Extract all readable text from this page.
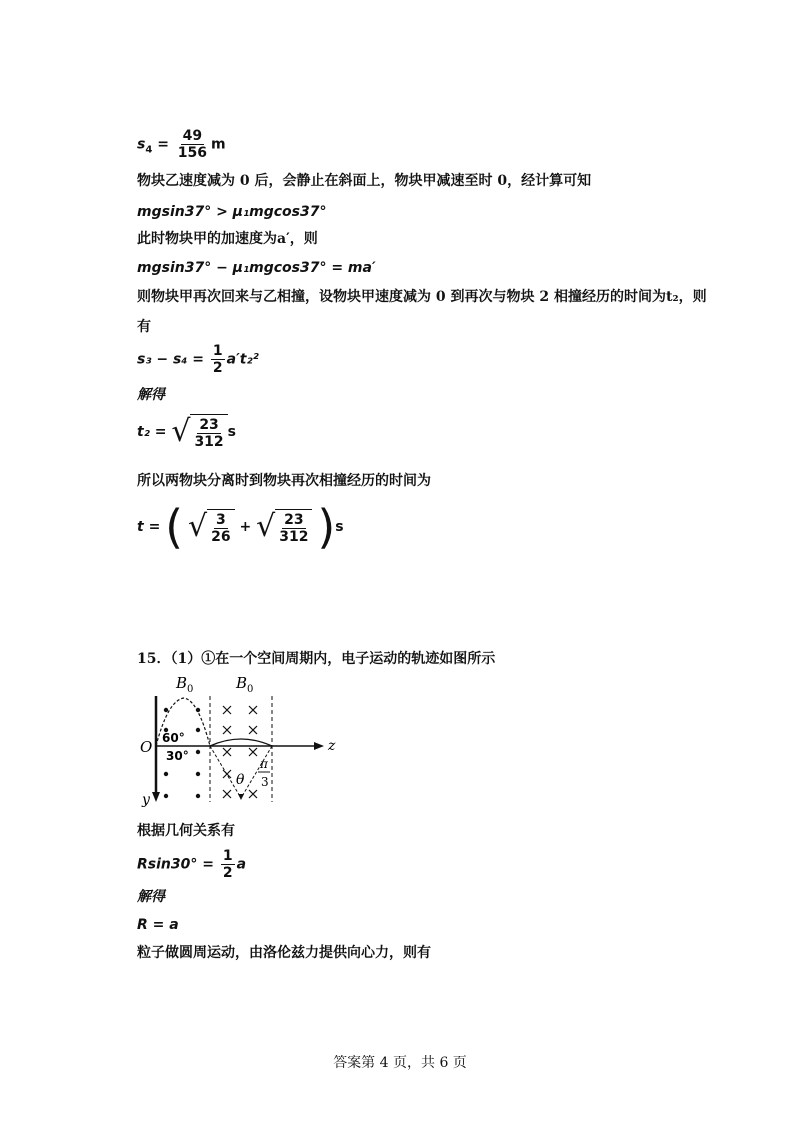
$s_4 = \frac{49}{156}$ m
物块乙速度减为 0 后，会静止在斜面上，物块甲减速至时 0，经计算可知
mgsin37° > μ₁mgcos37°
此时物块甲的加速度为a′，则
mgsin37° − μ₁mgcos37° = ma′
则物块甲再次回来与乙相撞，设物块甲速度减为 0 到再次与物块 2 相撞经历的时间为t₂，则
有
$s_3 - s_4 = \frac{1}{2} a't_2^2$
解得
t₂ = √ $\frac{23}{312}$ s
所以两物块分离时到物块再次相撞经历的时间为
t = ( √ $\frac{3}{26}$ + √ $\frac{23}{312} )s$
15．（1）①在一个空间周期内，电子运动的轨迹如图所示
B 0	B 0
y
z
O 60°
30°
θ
π
3
根据几何关系有
$Rsin30^\circ = \frac{1}{2}$ a
解得
R = a
粒子做圆周运动，由洛伦兹力提供向心力，则有
答案第 4 页，共 6 页
